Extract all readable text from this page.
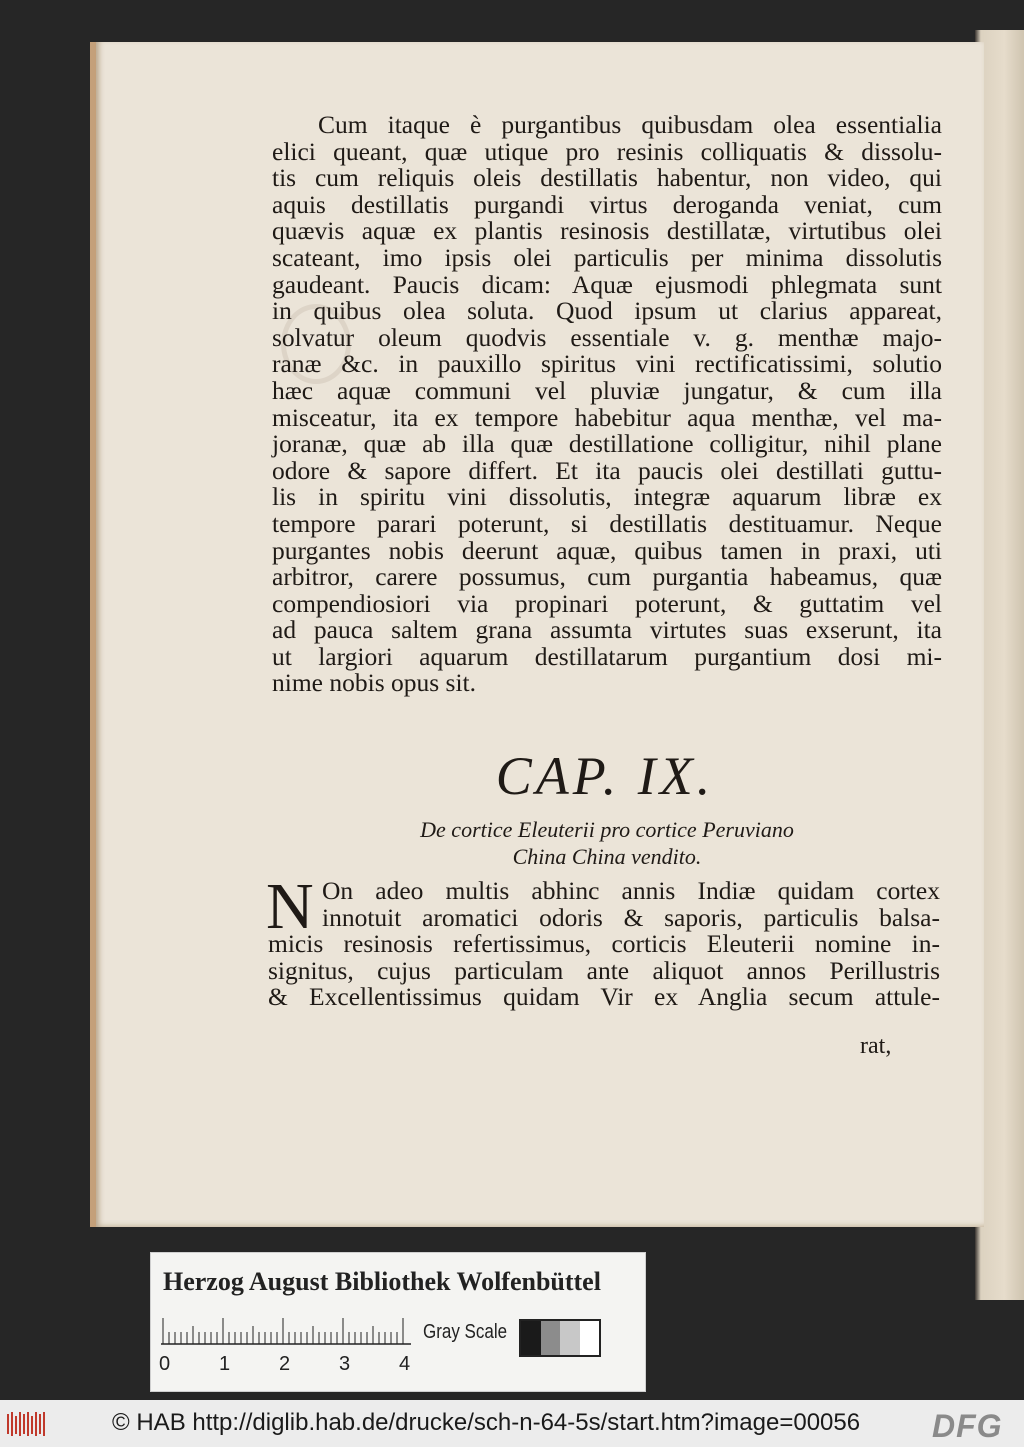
Cum itaque è purgantibus quibusdam olea essentialia
elici queant, quæ utique pro resinis colliquatis & dissolu-
tis cum reliquis oleis destillatis habentur, non video, qui
aquis destillatis purgandi virtus deroganda veniat, cum
quævis aquæ ex plantis resinosis destillatæ, virtutibus olei
scateant, imo ipsis olei particulis per minima dissolutis
gaudeant. Paucis dicam: Aquæ ejusmodi phlegmata sunt
in quibus olea soluta. Quod ipsum ut clarius appareat,
solvatur oleum quodvis essentiale v. g. menthæ majo-
ranæ &c. in pauxillo spiritus vini rectificatissimi, solutio
hæc aquæ communi vel pluviæ jungatur, & cum illa
misceatur, ita ex tempore habebitur aqua menthæ, vel ma-
joranæ, quæ ab illa quæ destillatione colligitur, nihil plane
odore & sapore differt. Et ita paucis olei destillati guttu-
lis in spiritu vini dissolutis, integræ aquarum libræ ex
tempore parari poterunt, si destillatis destituamur. Neque
purgantes nobis deerunt aquæ, quibus tamen in praxi, uti
arbitror, carere possumus, cum purgantia habeamus, quæ
compendiosiori via propinari poterunt, & guttatim vel
ad pauca saltem grana assumta virtutes suas exserunt, ita
ut largiori aquarum destillatarum purgantium dosi mi-
nime nobis opus sit.
CAP. IX.
De cortice Eleuterii pro cortice Peruviano
China China vendito.
N On adeo multis abhinc annis Indiæ quidam cortex
innotuit aromatici odoris & saporis, particulis balsa-
micis resinosis refertissimus, corticis Eleuterii nomine in-
signitus, cujus particulam ante aliquot annos Perillustris
& Excellentissimus quidam Vir ex Anglia secum attule-
rat,
Herzog August Bibliothek Wolfenbüttel
0 1 2 3 4
Gray Scale
© HAB http://diglib.hab.de/drucke/sch-n-64-5s/start.htm?image=00056 DFG
